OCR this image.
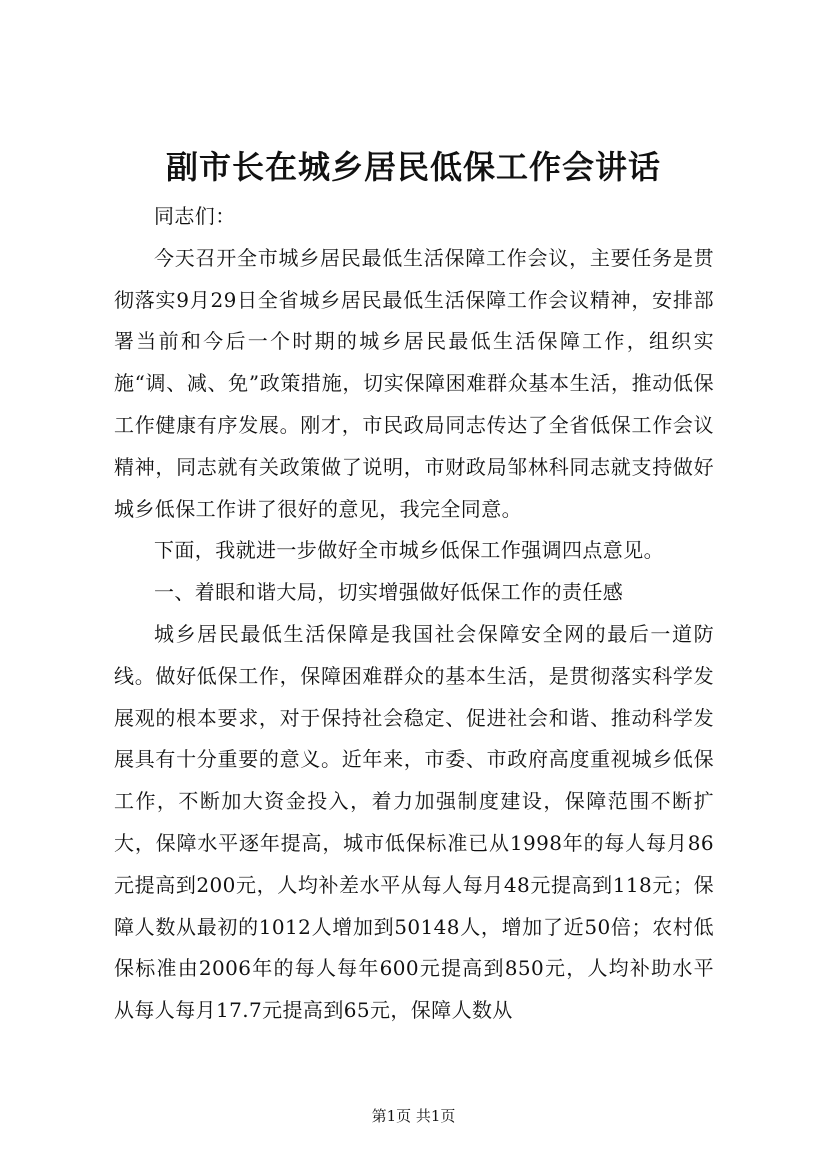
副市长在城乡居民低保工作会讲话

同志们：

今天召开全市城乡居民最低生活保障工作会议，主要任务是贯彻落实9月29日全省城乡居民最低生活保障工作会议精神，安排部署当前和今后一个时期的城乡居民最低生活保障工作，组织实施“调、减、免”政策措施，切实保障困难群众基本生活，推动低保工作健康有序发展。刚才，市民政局同志传达了全省低保工作会议精神，同志就有关政策做了说明，市财政局邹林科同志就支持做好城乡低保工作讲了很好的意见，我完全同意。

下面，我就进一步做好全市城乡低保工作强调四点意见。

一、着眼和谐大局，切实增强做好低保工作的责任感

城乡居民最低生活保障是我国社会保障安全网的最后一道防线。做好低保工作，保障困难群众的基本生活，是贯彻落实科学发展观的根本要求，对于保持社会稳定、促进社会和谐、推动科学发展具有十分重要的意义。近年来，市委、市政府高度重视城乡低保工作，不断加大资金投入，着力加强制度建设，保障范围不断扩大，保障水平逐年提高，城市低保标准已从1998年的每人每月86元提高到200元，人均补差水平从每人每月48元提高到118元；保障人数从最初的1012人增加到50148人，增加了近50倍；农村低保标准由2006年的每人每年600元提高到850元，人均补助水平从每人每月17.7元提高到65元，保障人数从

第1页 共1页
